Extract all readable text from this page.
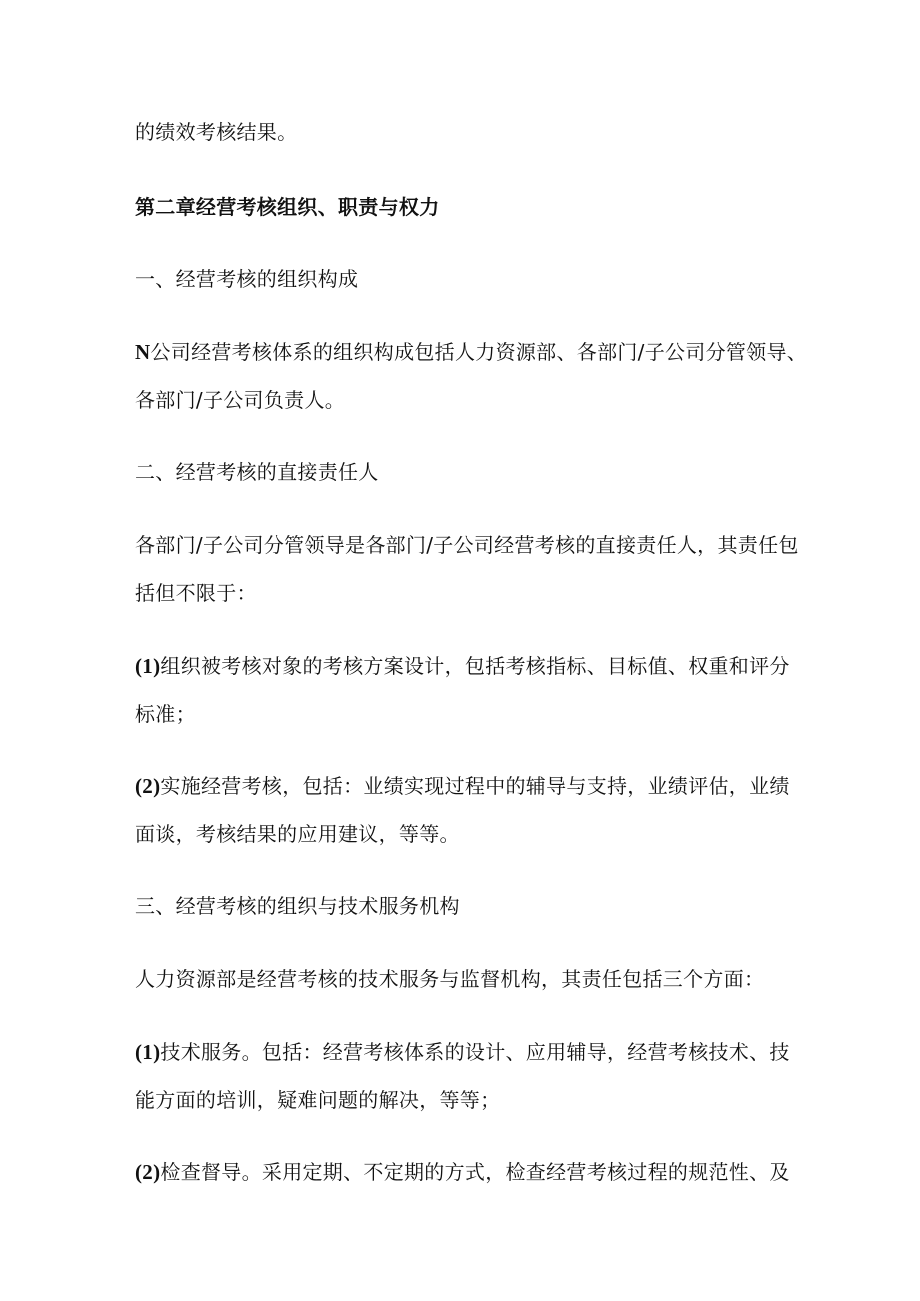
的绩效考核结果。
第二章经营考核组织、职责与权力
一、经营考核的组织构成
N公司经营考核体系的组织构成包括人力资源部、各部门/子公司分管领导、
各部门/子公司负责人。
二、经营考核的直接责任人
各部门/子公司分管领导是各部门/子公司经营考核的直接责任人，其责任包
括但不限于：
(1)组织被考核对象的考核方案设计，包括考核指标、目标值、权重和评分
标准；
(2)实施经营考核，包括：业绩实现过程中的辅导与支持，业绩评估，业绩
面谈，考核结果的应用建议，等等。
三、经营考核的组织与技术服务机构
人力资源部是经营考核的技术服务与监督机构，其责任包括三个方面：
(1)技术服务。包括：经营考核体系的设计、应用辅导，经营考核技术、技
能方面的培训，疑难问题的解决，等等；
(2)检查督导。采用定期、不定期的方式，检查经营考核过程的规范性、及
